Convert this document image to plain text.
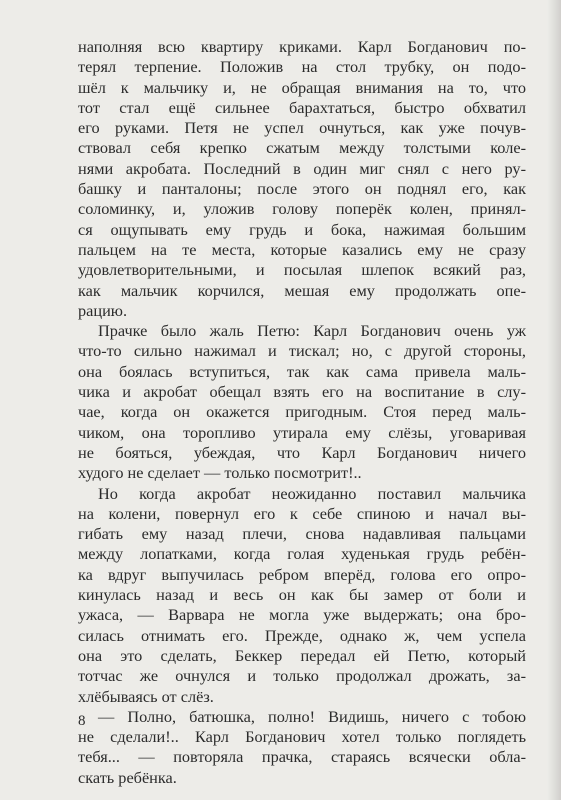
наполняя всю квартиру криками. Карл Богданович по-
терял терпение. Положив на стол трубку, он подо-
шёл к мальчику и, не обращая внимания на то, что
тот стал ещё сильнее барахтаться, быстро обхватил
его руками. Петя не успел очнуться, как уже почув-
ствовал себя крепко сжатым между толстыми коле-
нями акробата. Последний в один миг снял с него ру-
башку и панталоны; после этого он поднял его, как
соломинку, и, уложив голову поперёк колен, принял-
ся ощупывать ему грудь и бока, нажимая большим
пальцем на те места, которые казались ему не сразу
удовлетворительными, и посылая шлепок всякий раз,
как мальчик корчился, мешая ему продолжать опе-
рацию.
Прачке было жаль Петю: Карл Богданович очень уж
что-то сильно нажимал и тискал; но, с другой стороны,
она боялась вступиться, так как сама привела маль-
чика и акробат обещал взять его на воспитание в слу-
чае, когда он окажется пригодным. Стоя перед маль-
чиком, она торопливо утирала ему слёзы, уговаривая
не бояться, убеждая, что Карл Богданович ничего
худого не сделает — только посмотрит!..
Но когда акробат неожиданно поставил мальчика
на колени, повернул его к себе спиною и начал вы-
гибать ему назад плечи, снова надавливая пальцами
между лопатками, когда голая худенькая грудь ребён-
ка вдруг выпучилась ребром вперёд, голова его опро-
кинулась назад и весь он как бы замер от боли и
ужаса, — Варвара не могла уже выдержать; она бро-
силась отнимать его. Прежде, однако ж, чем успела
она это сделать, Беккер передал ей Петю, который
тотчас же очнулся и только продолжал дрожать, за-
хлёбываясь от слёз.
— Полно, батюшка, полно! Видишь, ничего с тобою
не сделали!.. Карл Богданович хотел только поглядеть
тебя... — повторяла прачка, стараясь всячески обла-
скать ребёнка.
8
